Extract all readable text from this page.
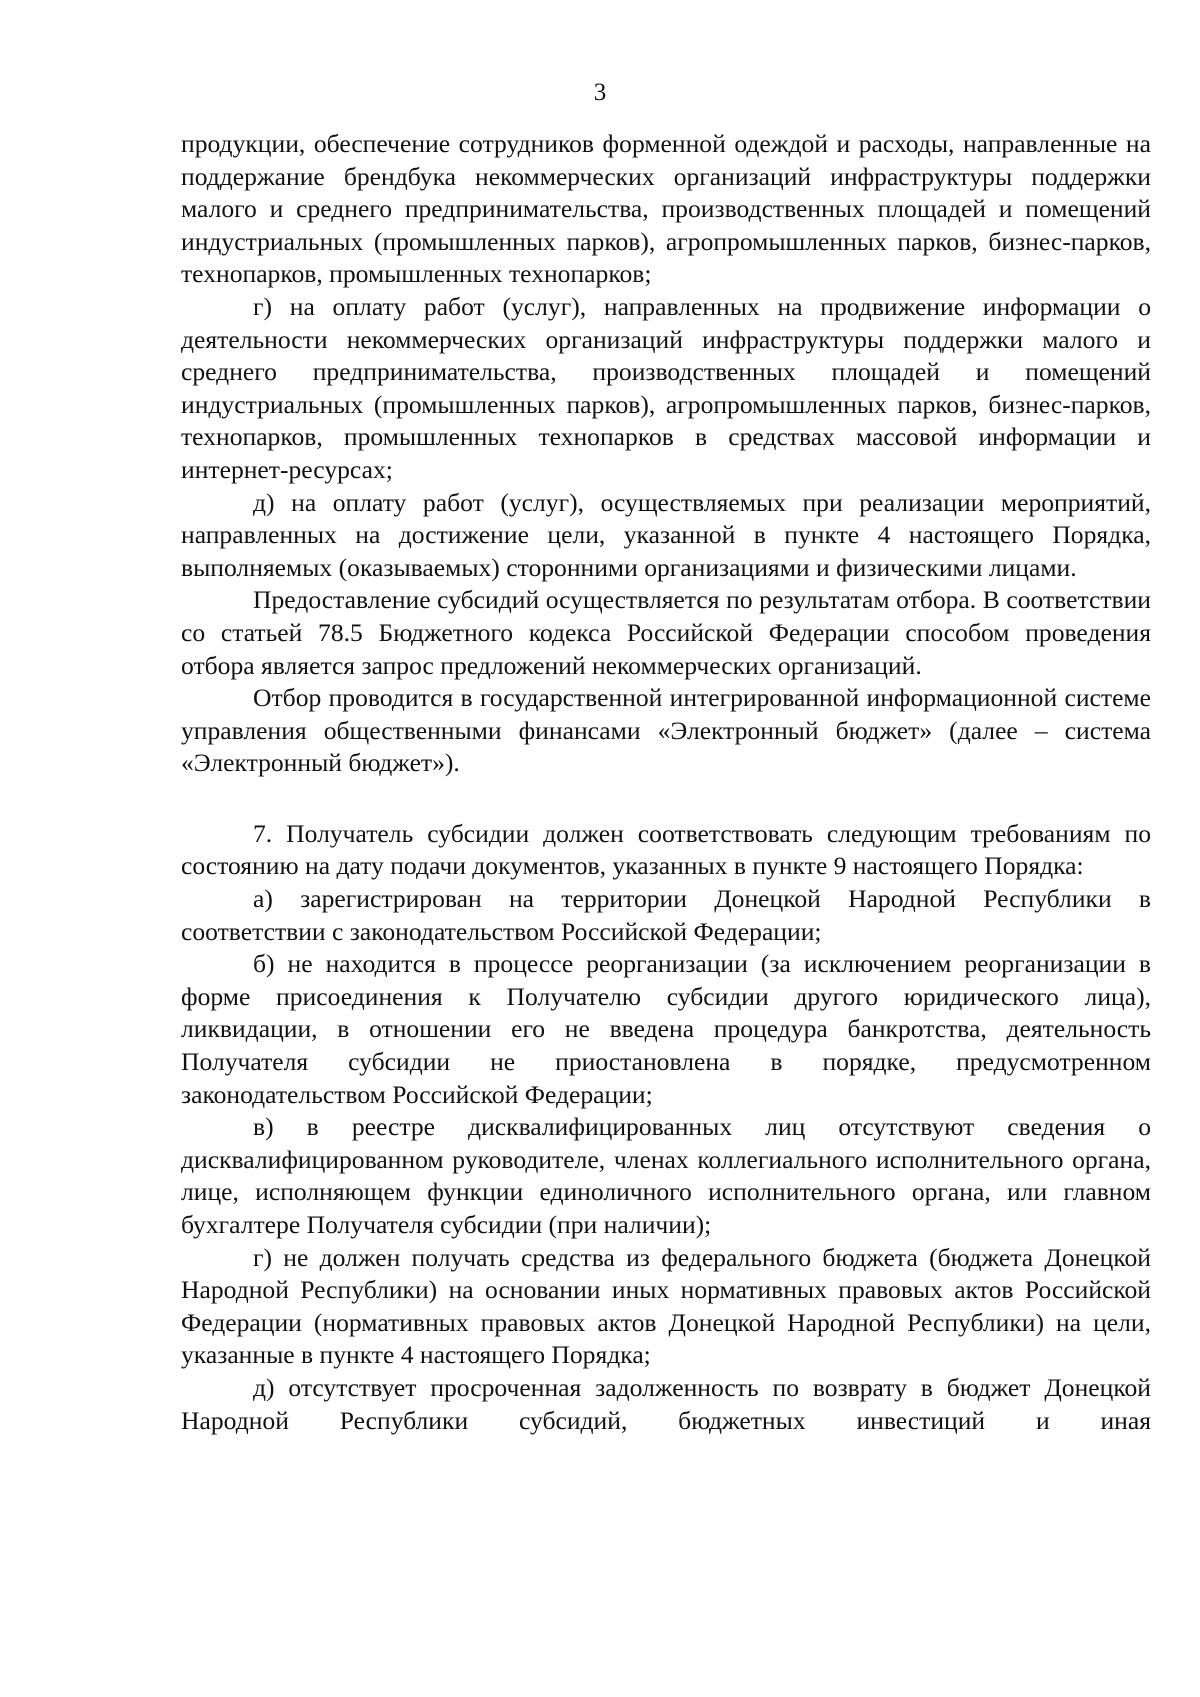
3

продукции, обеспечение сотрудников форменной одеждой и расходы, направленные на поддержание брендбука некоммерческих организаций инфраструктуры поддержки малого и среднего предпринимательства, производственных площадей и помещений индустриальных (промышленных парков), агропромышленных парков, бизнес-парков, технопарков, промышленных технопарков;

г) на оплату работ (услуг), направленных на продвижение информации о деятельности некоммерческих организаций инфраструктуры поддержки малого и среднего предпринимательства, производственных площадей и помещений индустриальных (промышленных парков), агропромышленных парков, бизнес-парков, технопарков, промышленных технопарков в средствах массовой информации и интернет-ресурсах;

д) на оплату работ (услуг), осуществляемых при реализации мероприятий, направленных на достижение цели, указанной в пункте 4 настоящего Порядка, выполняемых (оказываемых) сторонними организациями и физическими лицами.

Предоставление субсидий осуществляется по результатам отбора. В соответствии со статьей 78.5 Бюджетного кодекса Российской Федерации способом проведения отбора является запрос предложений некоммерческих организаций.

Отбор проводится в государственной интегрированной информационной системе управления общественными финансами «Электронный бюджет» (далее – система «Электронный бюджет»).

7. Получатель субсидии должен соответствовать следующим требованиям по состоянию на дату подачи документов, указанных в пункте 9 настоящего Порядка:

а) зарегистрирован на территории Донецкой Народной Республики в соответствии с законодательством Российской Федерации;

б) не находится в процессе реорганизации (за исключением реорганизации в форме присоединения к Получателю субсидии другого юридического лица), ликвидации, в отношении его не введена процедура банкротства, деятельность Получателя субсидии не приостановлена в порядке, предусмотренном законодательством Российской Федерации;

в) в реестре дисквалифицированных лиц отсутствуют сведения о дисквалифицированном руководителе, членах коллегиального исполнительного органа, лице, исполняющем функции единоличного исполнительного органа, или главном бухгалтере Получателя субсидии (при наличии);

г) не должен получать средства из федерального бюджета (бюджета Донецкой Народной Республики) на основании иных нормативных правовых актов Российской Федерации (нормативных правовых актов Донецкой Народной Республики) на цели, указанные в пункте 4 настоящего Порядка;

д) отсутствует просроченная задолженность по возврату в бюджет Донецкой Народной Республики субсидий, бюджетных инвестиций и иная
